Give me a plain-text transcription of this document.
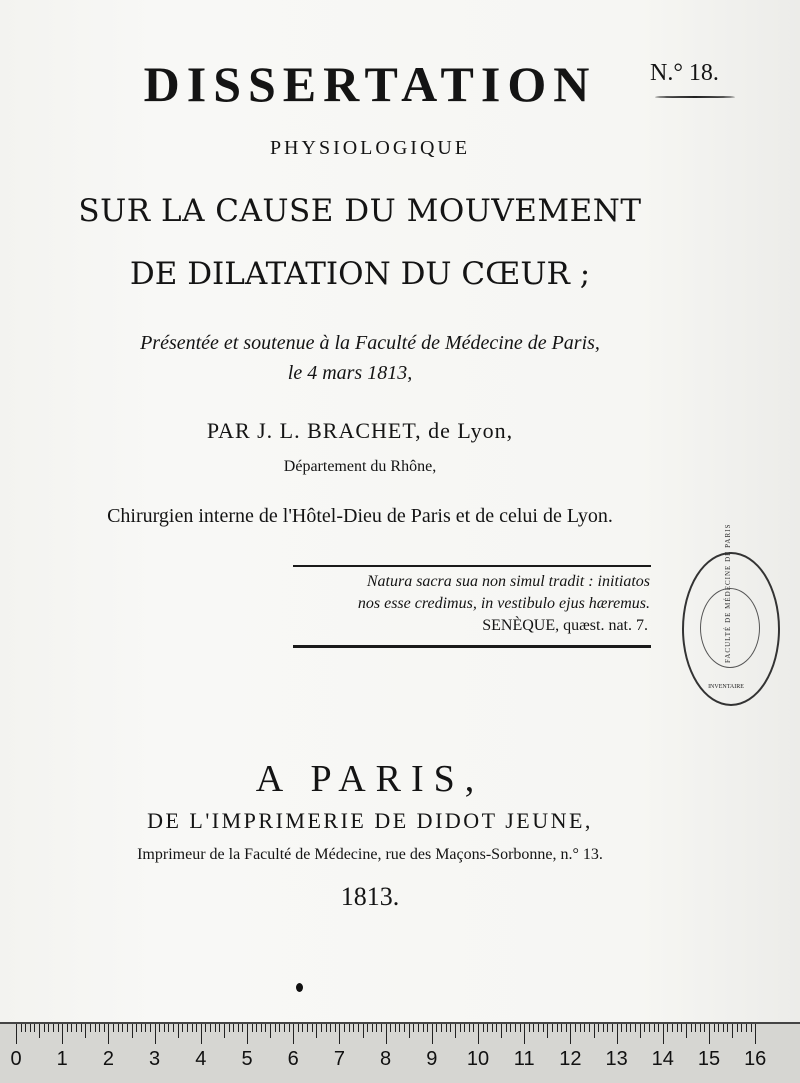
DISSERTATION	N.° 18.
PHYSIOLOGIQUE
SUR LA CAUSE DU MOUVEMENT
DE DILATATION DU CŒUR ;
Présentée et soutenue à la Faculté de Médecine de Paris,
le 4 mars 1813,
PAR J. L. BRACHET, de Lyon,
Département du Rhône,
Chirurgien interne de l'Hôtel-Dieu de Paris et de celui de Lyon.
Natura sacra sua non simul tradit : initiatos
nos esse credimus, in vestibulo ejus hæremus.
SENÈQUE, quæst. nat. 7.	FACULTÉ DE MÉDECINE DE PARIS
INVENTAIRE
A PARIS,
DE L'IMPRIMERIE DE DIDOT JEUNE,
Imprimeur de la Faculté de Médecine, rue des Maçons-Sorbonne, n.° 13.
1813.
0 1 2 3 4 5 6 7 8 9 10 11 12 13 14 15 16
